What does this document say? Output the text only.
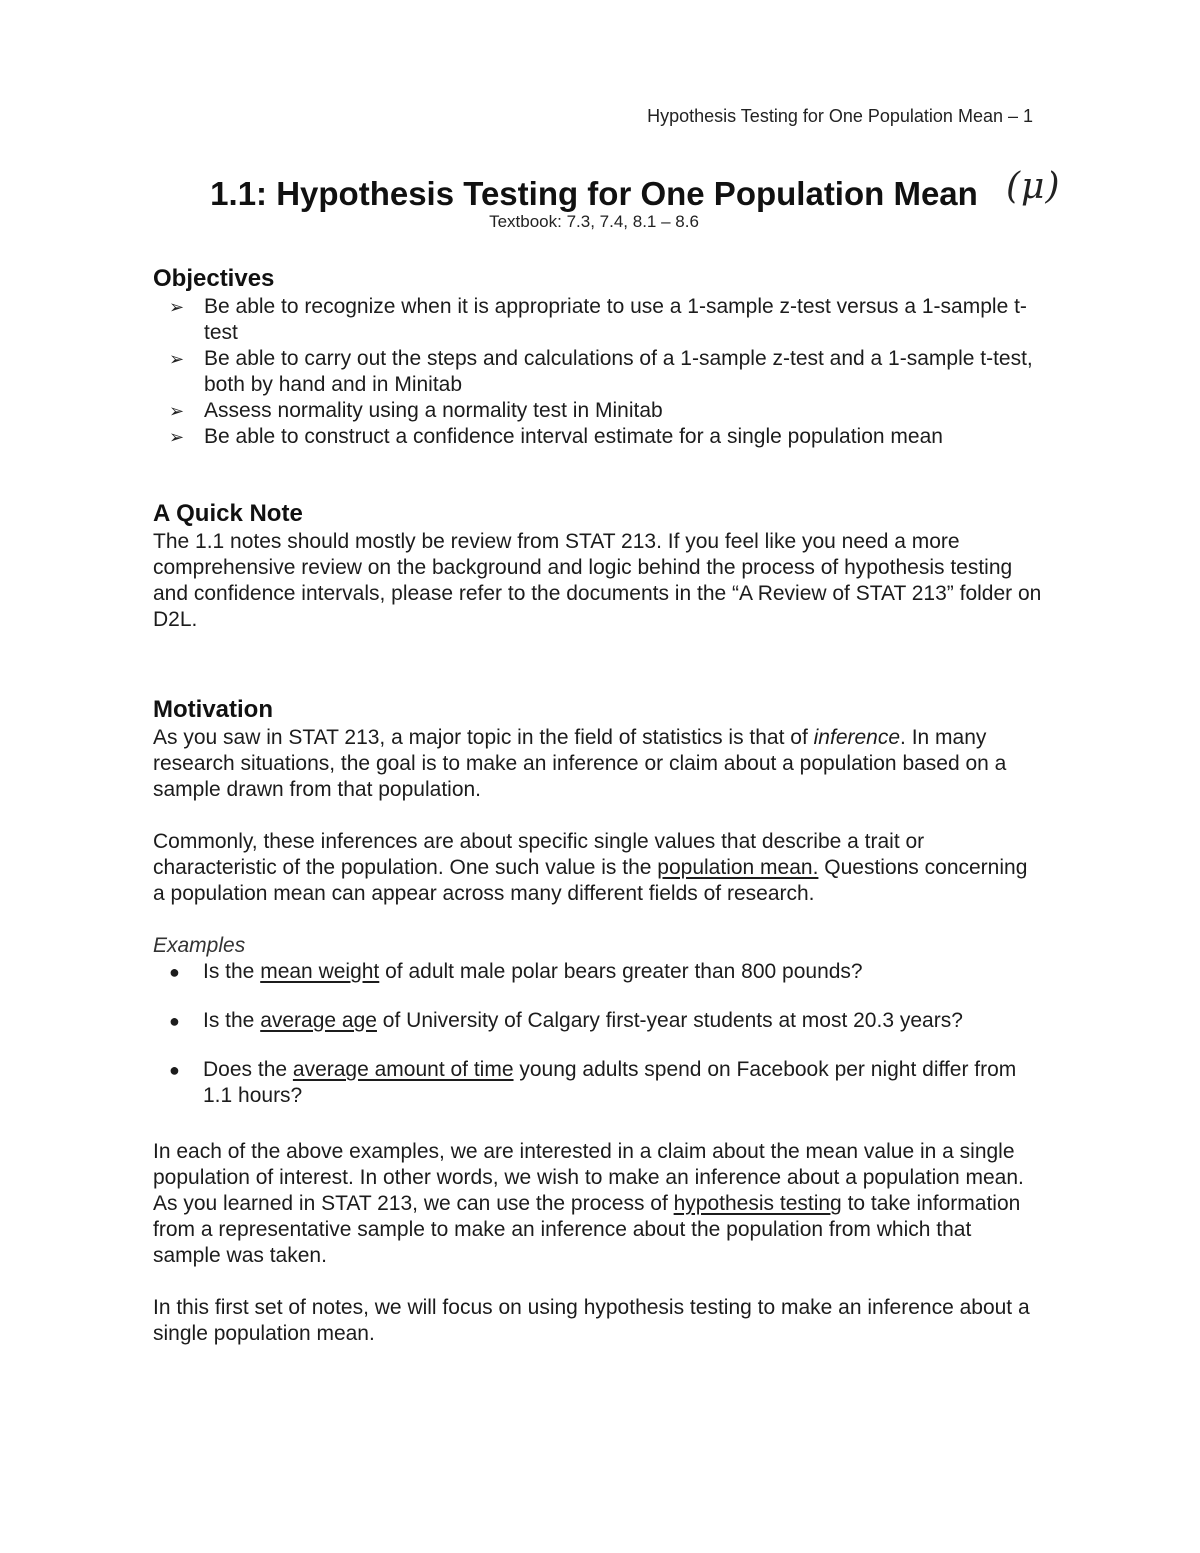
Hypothesis Testing for One Population Mean – 1
1.1: Hypothesis Testing for One Population Mean
Textbook: 7.3, 7.4, 8.1 – 8.6
(μ)
Objectives
➢ Be able to recognize when it is appropriate to use a 1-sample z-test versus a 1-sample t-test
➢ Be able to carry out the steps and calculations of a 1-sample z-test and a 1-sample t-test, both by hand and in Minitab
➢ Assess normality using a normality test in Minitab
➢ Be able to construct a confidence interval estimate for a single population mean
A Quick Note

The 1.1 notes should mostly be review from STAT 213. If you feel like you need a more comprehensive review on the background and logic behind the process of hypothesis testing and confidence intervals, please refer to the documents in the “A Review of STAT 213” folder on D2L.

Motivation

As you saw in STAT 213, a major topic in the field of statistics is that of inference. In many research situations, the goal is to make an inference or claim about a population based on a sample drawn from that population.

Commonly, these inferences are about specific single values that describe a trait or characteristic of the population. One such value is the population mean. Questions concerning a population mean can appear across many different fields of research.

Examples

● Is the mean weight of adult male polar bears greater than 800 pounds?
● Is the average age of University of Calgary first-year students at most 20.3 years?
● Does the average amount of time young adults spend on Facebook per night differ from 1.1 hours?

In each of the above examples, we are interested in a claim about the mean value in a single population of interest. In other words, we wish to make an inference about a population mean. As you learned in STAT 213, we can use the process of hypothesis testing to take information from a representative sample to make an inference about the population from which that sample was taken.

In this first set of notes, we will focus on using hypothesis testing to make an inference about a single population mean.
